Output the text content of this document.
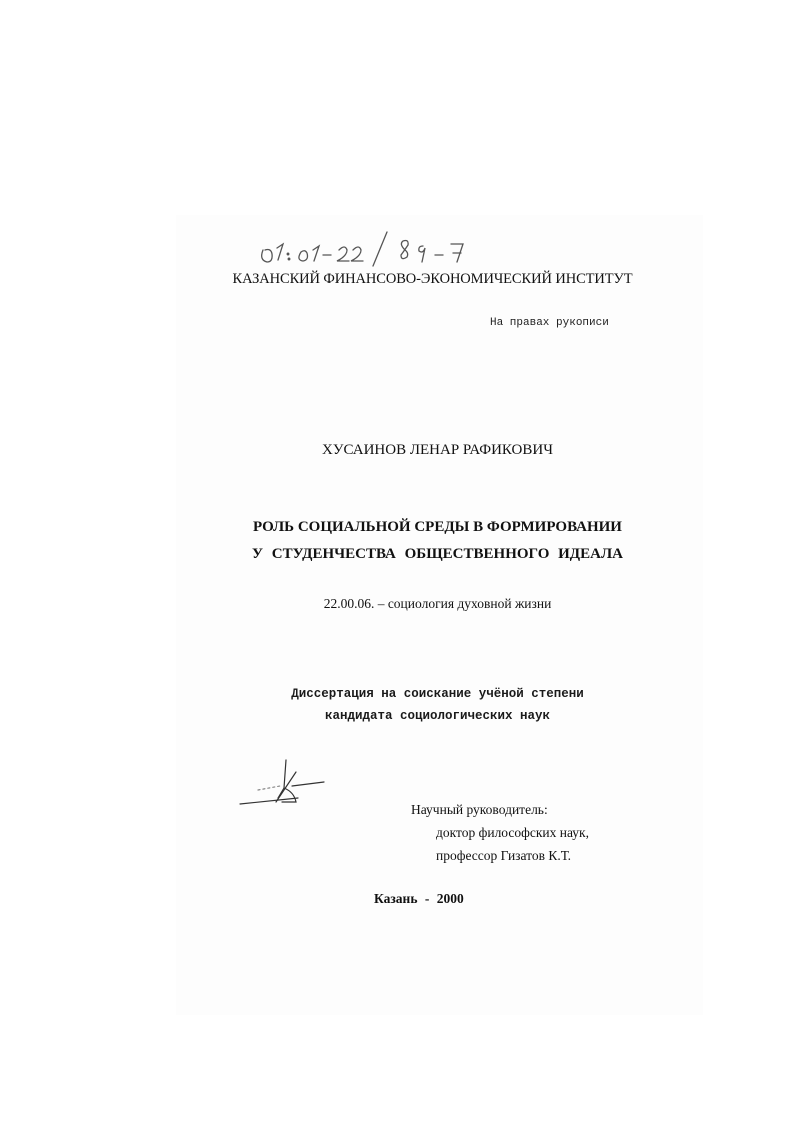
КАЗАНСКИЙ ФИНАНСОВО-ЭКОНОМИЧЕСКИЙ ИНСТИТУТ
На правах рукописи
ХУСАИНОВ ЛЕНАР РАФИКОВИЧ
РОЛЬ СОЦИАЛЬНОЙ СРЕДЫ В ФОРМИРОВАНИИ
У СТУДЕНЧЕСТВА ОБЩЕСТВЕННОГО ИДЕАЛА
22.00.06. – социология духовной жизни
Диссертация на соискание учёной степени
кандидата социологических наук
Научный руководитель:
доктор философских наук,
профессор Гизатов К.Т.
Казань - 2000
